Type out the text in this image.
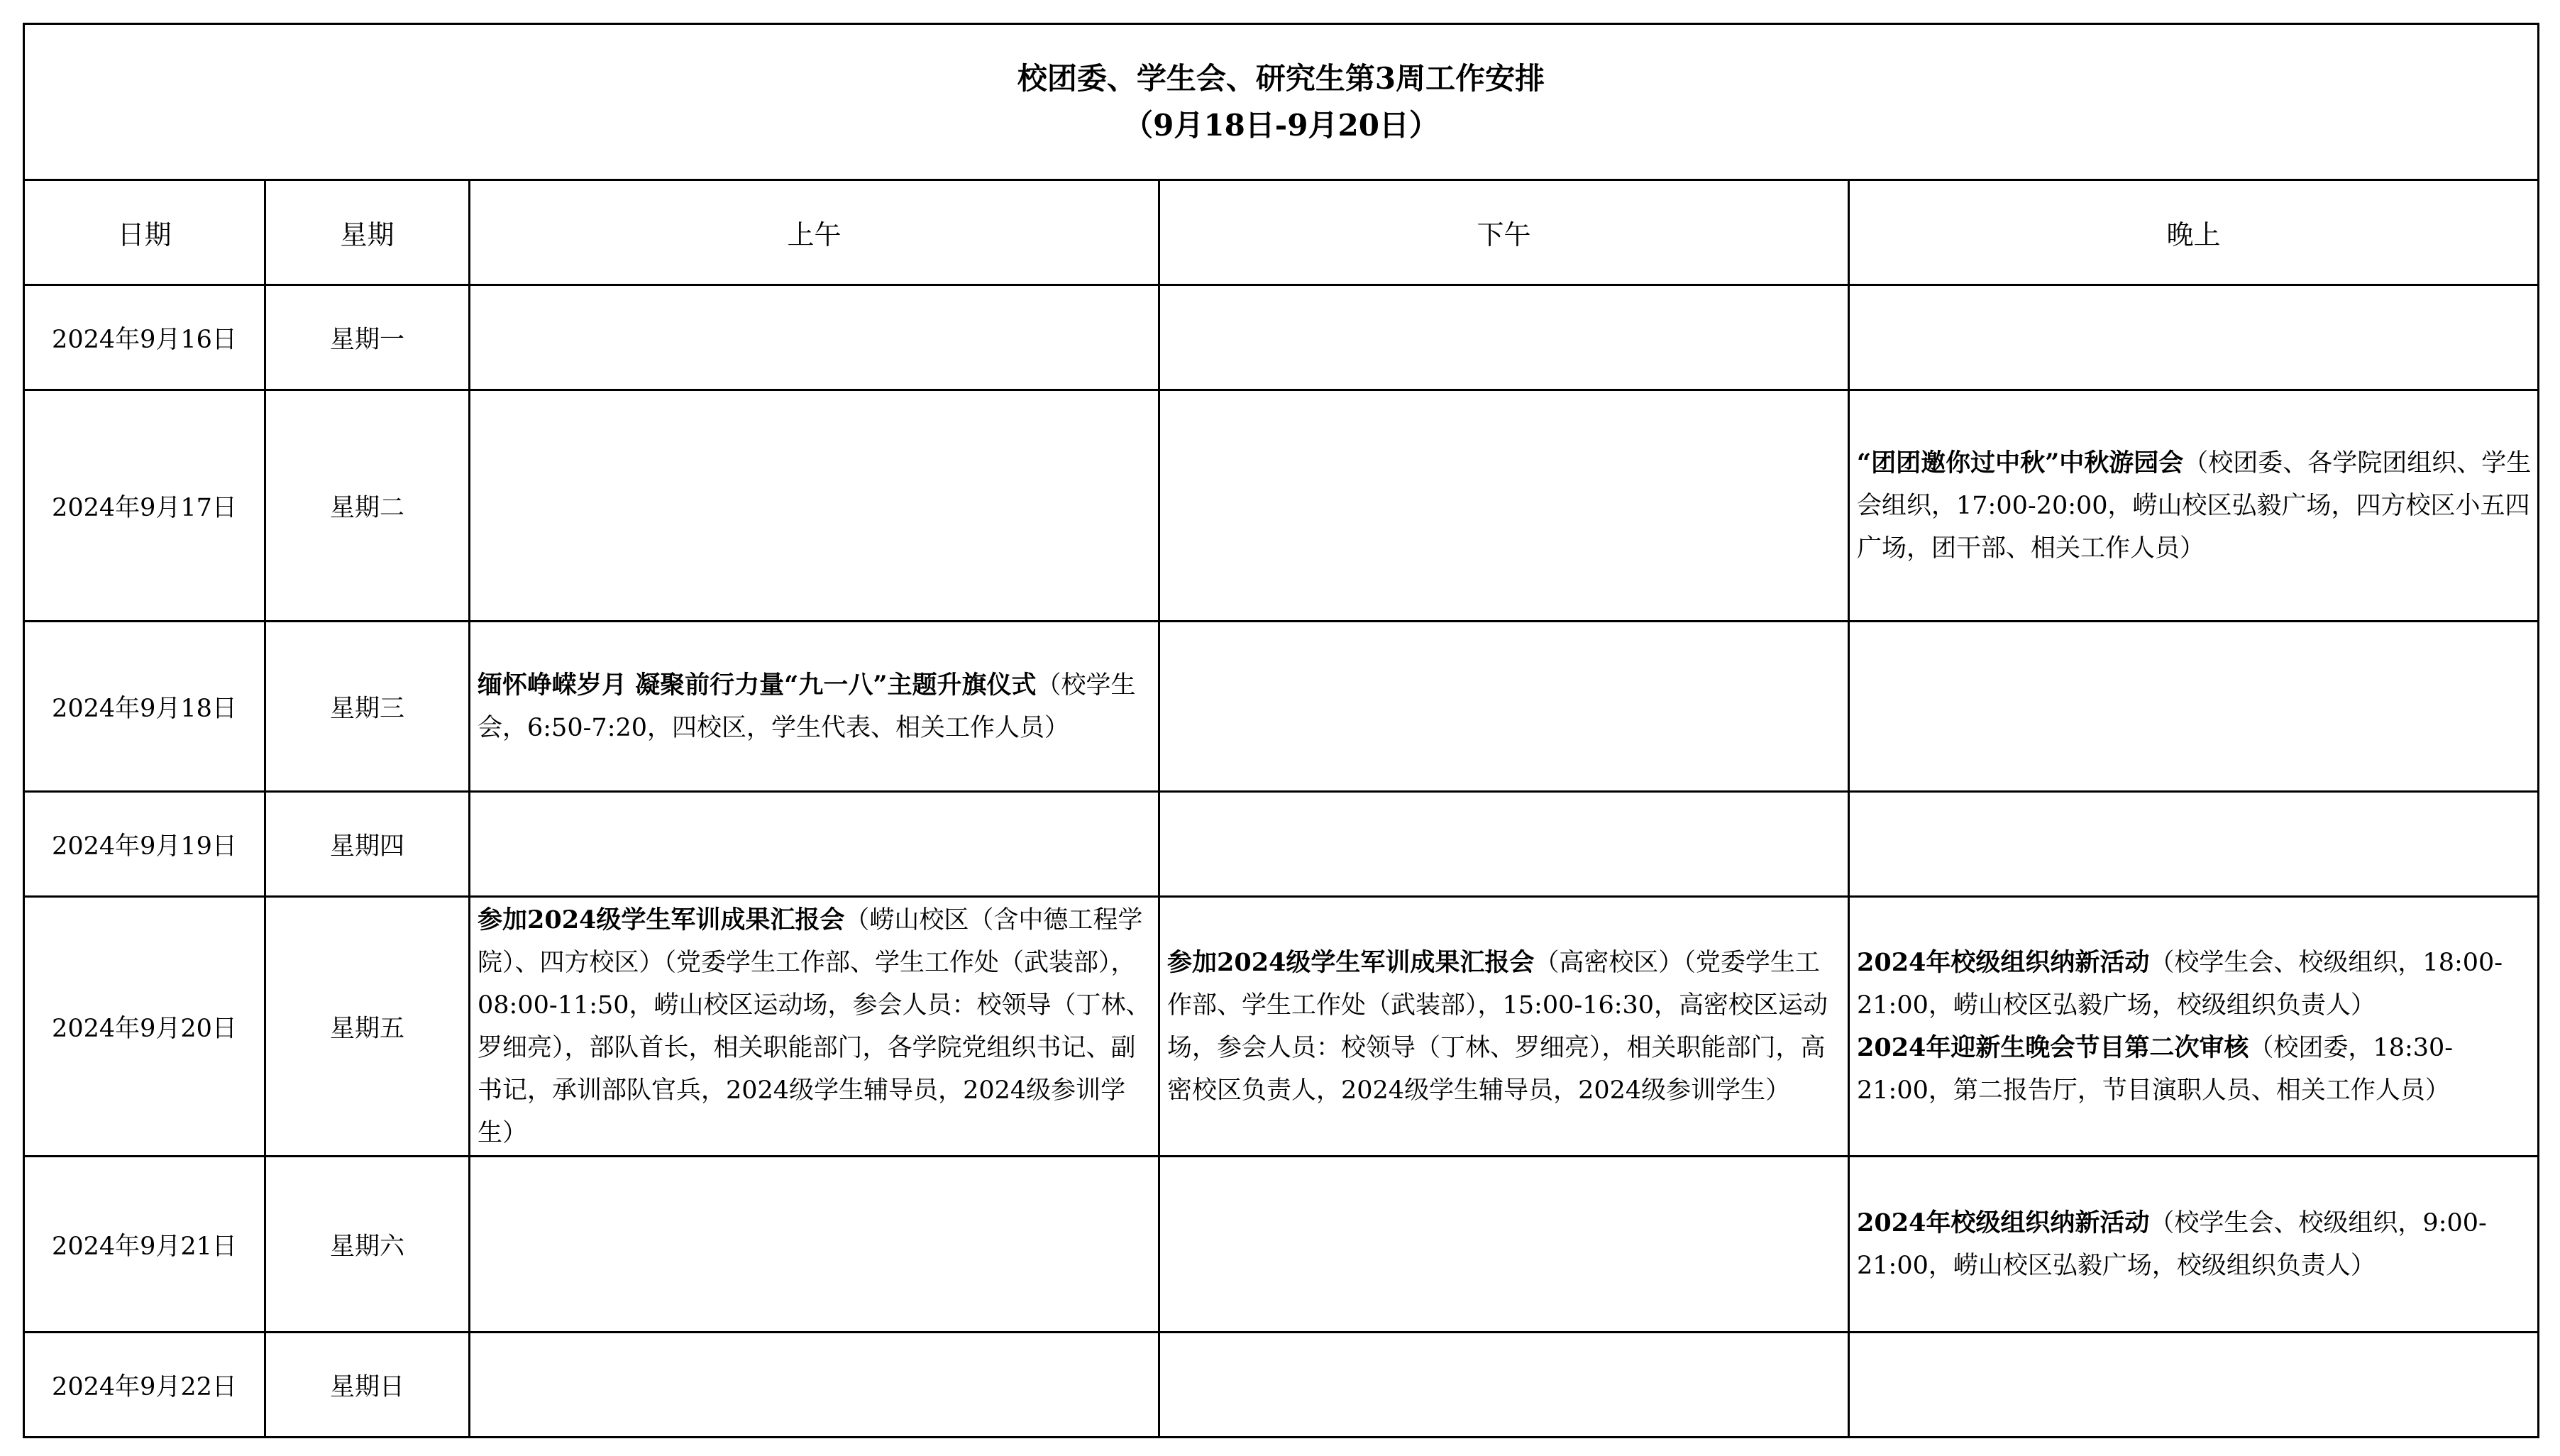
校团委、学生会、研究生第3周工作安排
（9月18日-9月20日）				

日期	星期	上午	下午	晚上
2024年9月16日	星期一			
2024年9月17日	星期二			“团团邀你过中秋”中秋游园会（校团委、各学院团组织、学生会组织，17:00-20:00，崂山校区弘毅广场，四方校区小五四广场，团干部、相关工作人员）

2024年9月18日	星期三	缅怀峥嵘岁月 凝聚前行力量“九一八”主题升旗仪式（校学生会，6:50-7:20，四校区，学生代表、相关工作人员）		

2024年9月19日	星期四			
2024年9月20日	星期五	参加2024级学生军训成果汇报会（崂山校区（含中德工程学院）、四方校区）（党委学生工作部、学生工作处（武装部），08:00-11:50，崂山校区运动场，参会人员：校领导（丁林、罗细亮），部队首长，相关职能部门，各学院党组织书记、副书记，承训部队官兵，2024级学生辅导员，2024级参训学生）	参加2024级学生军训成果汇报会（高密校区）（党委学生工作部、学生工作处（武装部），15:00-16:30，高密校区运动场，参会人员：校领导（丁林、罗细亮），相关职能部门，高密校区负责人，2024级学生辅导员，2024级参训学生）	2024年校级组织纳新活动（校学生会、校级组织，18:00-21:00，崂山校区弘毅广场，校级组织负责人）
2024年迎新生晚会节目第二次审核（校团委，18:30-21:00，第二报告厅，节目演职人员、相关工作人员）

2024年9月21日	星期六			2024年校级组织纳新活动（校学生会、校级组织，9:00-21:00，崂山校区弘毅广场，校级组织负责人）

2024年9月22日	星期日			
